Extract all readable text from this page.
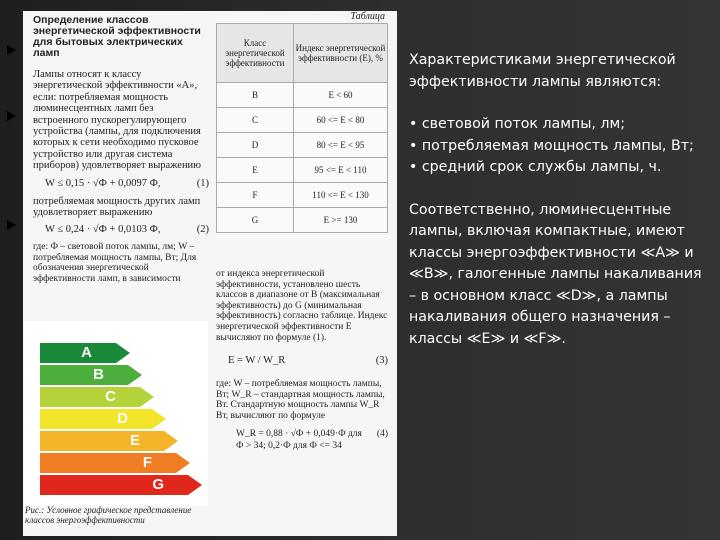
Таблица
Определение классов энергетической эффективности для бытовых электрических ламп

Лампы относят к классу энергетической эффективности «A», если: потребляемая мощность люминесцентных ламп без встроенного пускорегулирующего устройства (лампы, для подключения которых к сети необходимо пусковое устройство или другая система приборов) удовлетворяет выражению

W ≤ 0,15 · √Ф + 0,0097 Ф,	(1)

потребляемая мощность других ламп удовлетворяет выражению

W ≤ 0,24 · √Ф + 0,0103 Ф,	(2)

где: Ф – световой поток лампы, лм; W – потребляемая мощность лампы, Вт; Для обозначения энергетической эффективности ламп, в зависимости

Класс энергетической эффективности	Индекс энергетической эффективности (E), %
B	E < 60
C	60 <= E < 80
D	80 <= E < 95
E	95 <= E < 110
F	110 <= E < 130
G	E >= 130

от индекса энергетической эффективности, установлено шесть классов в диапазоне от B (максимальная эффективность) до G (минимальная эффективность) согласно таблице. Индекс энергетической эффективности E вычисляют по формуле (1).

E = W / W_R	(3)

где: W – потребляемая мощность лампы, Вт; W_R – стандартная мощность лампы, Вт. Стандартную мощность лампы W_R Вт, вычисляют по формуле

W_R = 0,88 · √Ф + 0,049·Ф для Ф > 34; 0,2·Ф для Ф <= 34
(4)
A
B
C
D
E
F
G
Рис.: Условное графическое представление классов энергоэффективности

Характеристиками энергетической эффективности лампы являются:

• световой поток лампы, лм;

• потребляемая мощность лампы, Вт;

• средний срок службы лампы, ч.

Соответственно, люминесцентные лампы, включая компактные, имеют классы энергоэффективности ≪A≫ и ≪B≫, галогенные лампы накаливания – в основном класс ≪D≫, а лампы накаливания общего назначения – классы ≪E≫ и ≪F≫.
